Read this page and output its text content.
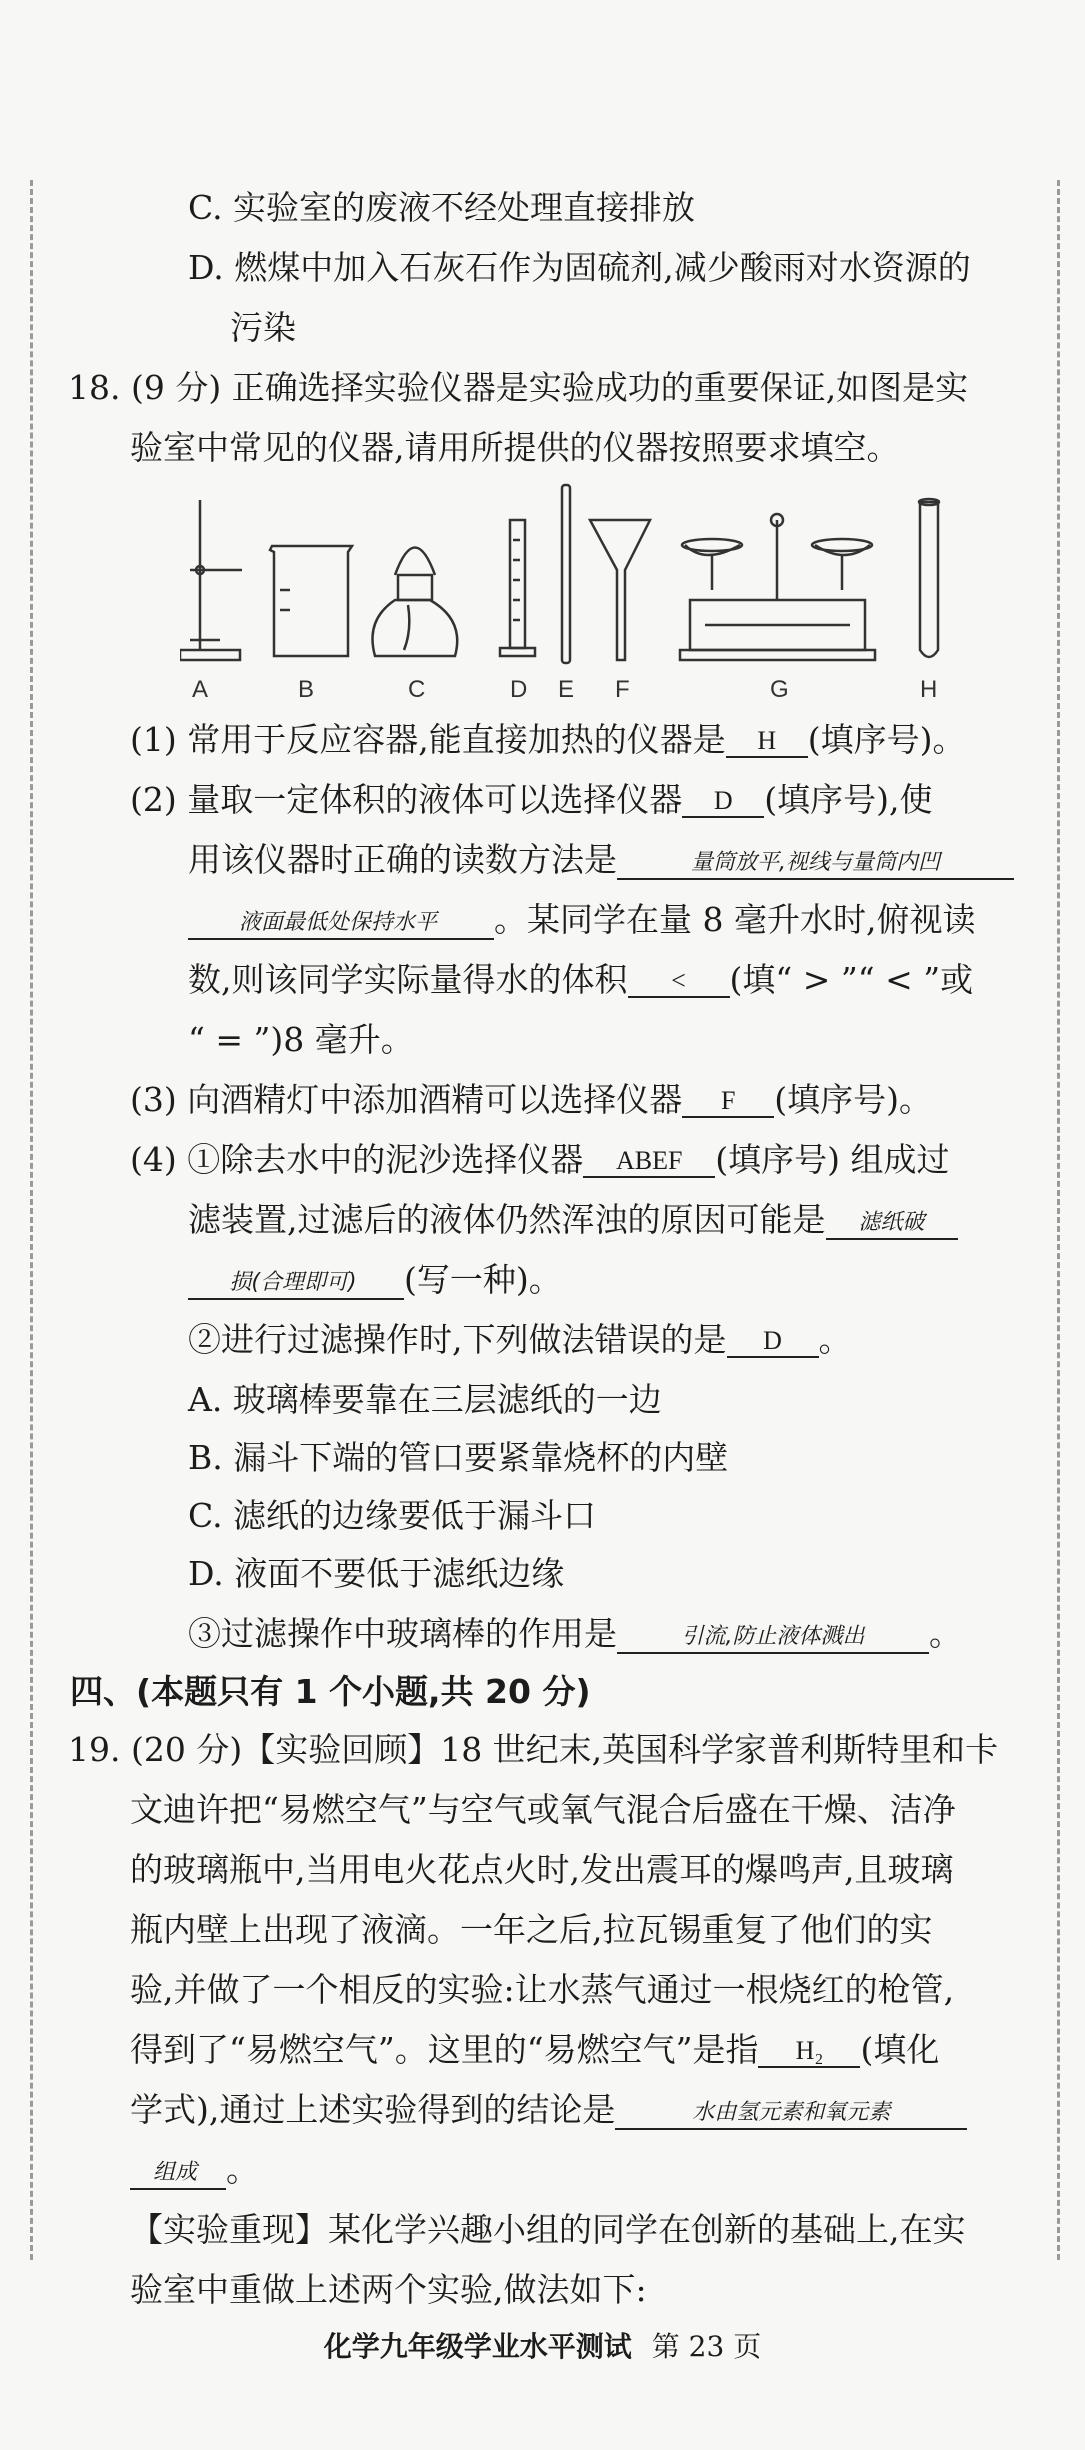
C. 实验室的废液不经处理直接排放
D. 燃煤中加入石灰石作为固硫剂,减少酸雨对水资源的
污染
18. (9 分) 正确选择实验仪器是实验成功的重要保证,如图是实
验室中常见的仪器,请用所提供的仪器按照要求填空。
A	B	C	D E F	G	H
(1) 常用于反应容器,能直接加热的仪器是 H (填序号)。
(2) 量取一定体积的液体可以选择仪器 D (填序号),使
用该仪器时正确的读数方法是	量筒放平,视线与量筒内凹
液面最低处保持水平 。某同学在量 8 毫升水时,俯视读
数,则该同学实际量得水的体积 < (填“ > ”“ < ”或
“ = ”)8 毫升。
(3) 向酒精灯中添加酒精可以选择仪器 F (填序号)。
(4) ①除去水中的泥沙选择仪器 ABEF (填序号) 组成过
滤装置,过滤后的液体仍然浑浊的原因可能是 滤纸破
损(合理即可) (写一种)。
②进行过滤操作时,下列做法错误的是 D 。
A. 玻璃棒要靠在三层滤纸的一边
B. 漏斗下端的管口要紧靠烧杯的内壁
C. 滤纸的边缘要低于漏斗口
D. 液面不要低于滤纸边缘
③过滤操作中玻璃棒的作用是	引流,防止液体溅出 。
四、(本题只有 1 个小题,共 20 分)
19. (20 分)【实验回顾】18 世纪末,英国科学家普利斯特里和卡
文迪许把“易燃空气”与空气或氧气混合后盛在干燥、洁净
的玻璃瓶中,当用电火花点火时,发出震耳的爆鸣声,且玻璃
瓶内壁上出现了液滴。一年之后,拉瓦锡重复了他们的实
验,并做了一个相反的实验:让水蒸气通过一根烧红的枪管,
得到了“易燃空气”。这里的“易燃空气”是指 H₂ (填化
学式),通过上述实验得到的结论是	水由氢元素和氧元素
组成 。
【实验重现】某化学兴趣小组的同学在创新的基础上,在实
验室中重做上述两个实验,做法如下:
化学九年级学业水平测试 第 23 页
